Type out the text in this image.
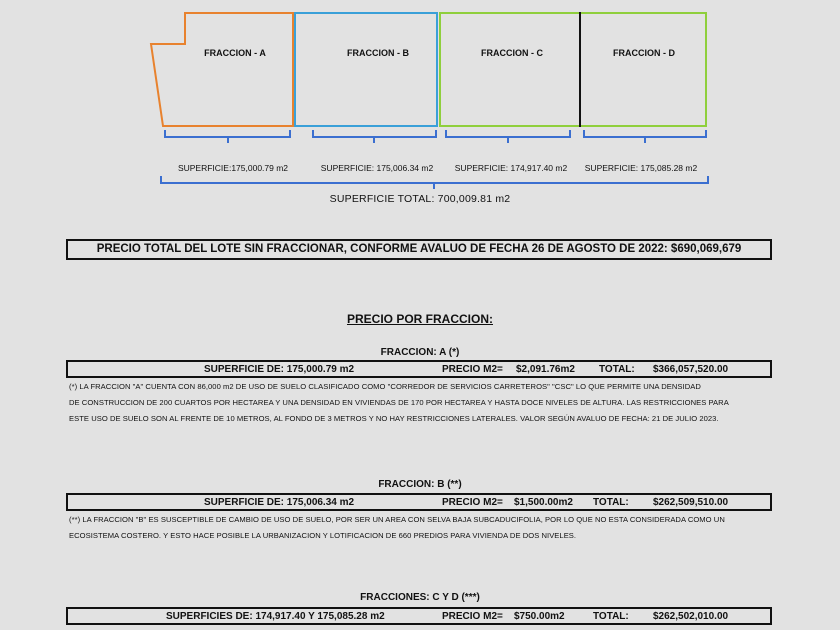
FRACCION - A	FRACCION - B	FRACCION - C	FRACCION - D
SUPERFICIE:175,000.79 m2	SUPERFICIE: 175,006.34 m2	SUPERFICIE: 174,917.40 m2	SUPERFICIE: 175,085.28 m2
SUPERFICIE TOTAL: 700,009.81 m2
PRECIO TOTAL DEL LOTE SIN FRACCIONAR, CONFORME AVALUO DE FECHA 26 DE AGOSTO DE 2022: $690,069,679
PRECIO POR FRACCION:
FRACCION: A (*)
SUPERFICIE DE: 175,000.79 m2	PRECIO M2= $2,091.76m2 TOTAL: $366,057,520.00
(*) LA FRACCION "A" CUENTA CON 86,000 m2 DE USO DE SUELO CLASIFICADO COMO "CORREDOR DE SERVICIOS CARRETEROS" "CSC" LO QUE PERMITE UNA DENSIDAD
DE CONSTRUCCION DE 200 CUARTOS POR HECTAREA Y UNA DENSIDAD EN VIVIENDAS DE 170 POR HECTAREA Y HASTA DOCE NIVELES DE ALTURA. LAS RESTRICCIONES PARA
ESTE USO DE SUELO SON AL FRENTE DE 10 METROS, AL FONDO DE 3 METROS Y NO HAY RESTRICCIONES LATERALES. VALOR SEGÚN AVALUO DE FECHA: 21 DE JULIO 2023.
FRACCION: B (**)
SUPERFICIE DE: 175,006.34 m2	PRECIO M2= $1,500.00m2 TOTAL: $262,509,510.00
(**) LA FRACCION "B" ES SUSCEPTIBLE DE CAMBIO DE USO DE SUELO, POR SER UN AREA CON SELVA BAJA SUBCADUCIFOLIA, POR LO QUE NO ESTA CONSIDERADA COMO UN
ECOSISTEMA COSTERO. Y ESTO HACE POSIBLE LA URBANIZACION Y LOTIFICACION DE 660 PREDIOS PARA VIVIENDA DE DOS NIVELES.
FRACCIONES: C Y D (***)
SUPERFICIES DE: 174,917.40 Y 175,085.28 m2	PRECIO M2= $750.00m2	TOTAL: $262,502,010.00
